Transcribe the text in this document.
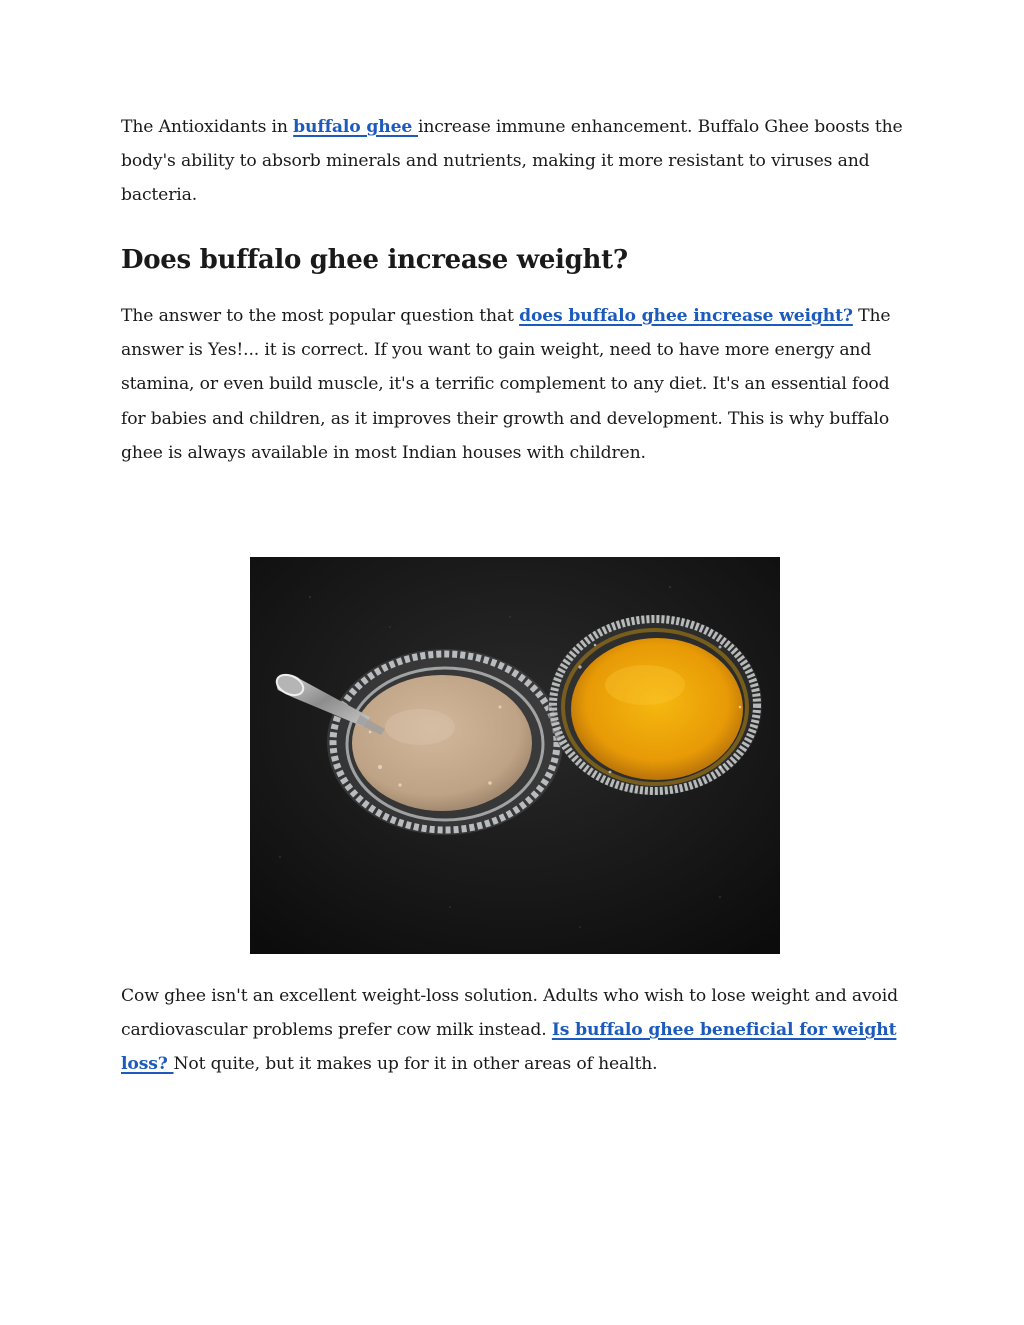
The Antioxidants in buffalo ghee increase immune enhancement. Buffalo Ghee boosts the body's ability to absorb minerals and nutrients, making it more resistant to viruses and bacteria.

Does buffalo ghee increase weight?

The answer to the most popular question that does buffalo ghee increase weight? The answer is Yes!... it is correct. If you want to gain weight, need to have more energy and stamina, or even build muscle, it's a terrific complement to any diet. It's an essential food for babies and children, as it improves their growth and development. This is why buffalo ghee is always available in most Indian houses with children.

Cow ghee isn't an excellent weight-loss solution. Adults who wish to lose weight and avoid cardiovascular problems prefer cow milk instead. Is buffalo ghee beneficial for weight loss? Not quite, but it makes up for it in other areas of health.
